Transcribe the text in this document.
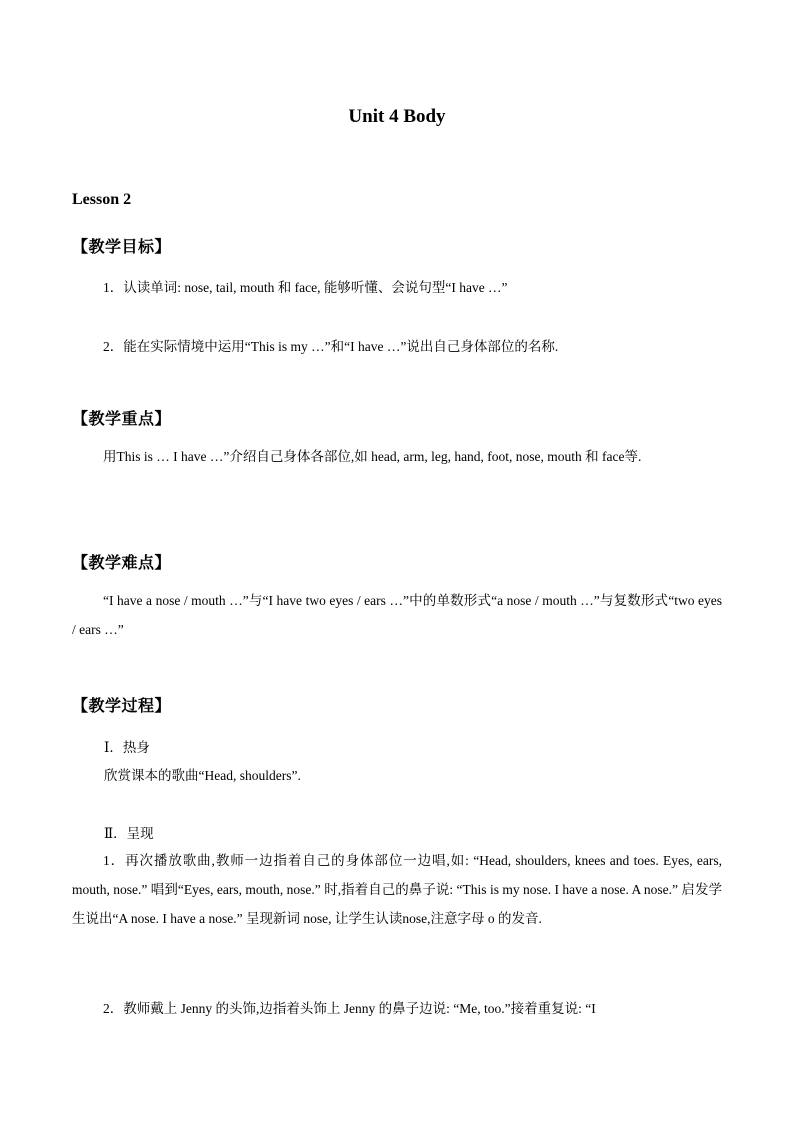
Unit 4 Body
Lesson 2
【教学目标】
1．认读单词: nose, tail, mouth 和 face, 能够听懂、会说句型“I have …”
2．能在实际情境中运用“This is my …”和“I have …”说出自己身体部位的名称.
【教学重点】
用This is … I have …”介绍自己身体各部位,如 head, arm, leg, hand, foot, nose, mouth 和 face等.
【教学难点】
“I have a nose / mouth …”与“I have two eyes / ears …”中的单数形式“a nose / mouth …”与复数形式“two eyes / ears …”
【教学过程】
Ⅰ．热身
欣赏课本的歌曲“Head, shoulders”.
Ⅱ．呈现
1．再次播放歌曲,教师一边指着自己的身体部位一边唱,如: “Head, shoulders, knees and toes. Eyes, ears, mouth, nose.” 唱到“Eyes, ears, mouth, nose.” 时,指着自己的鼻子说: “This is my nose. I have a nose. A nose.” 启发学生说出“A nose. I have a nose.” 呈现新词 nose, 让学生认读nose,注意字母 o 的发音.
2．教师戴上 Jenny 的头饰,边指着头饰上 Jenny 的鼻子边说: “Me, too.”接着重复说: “I
